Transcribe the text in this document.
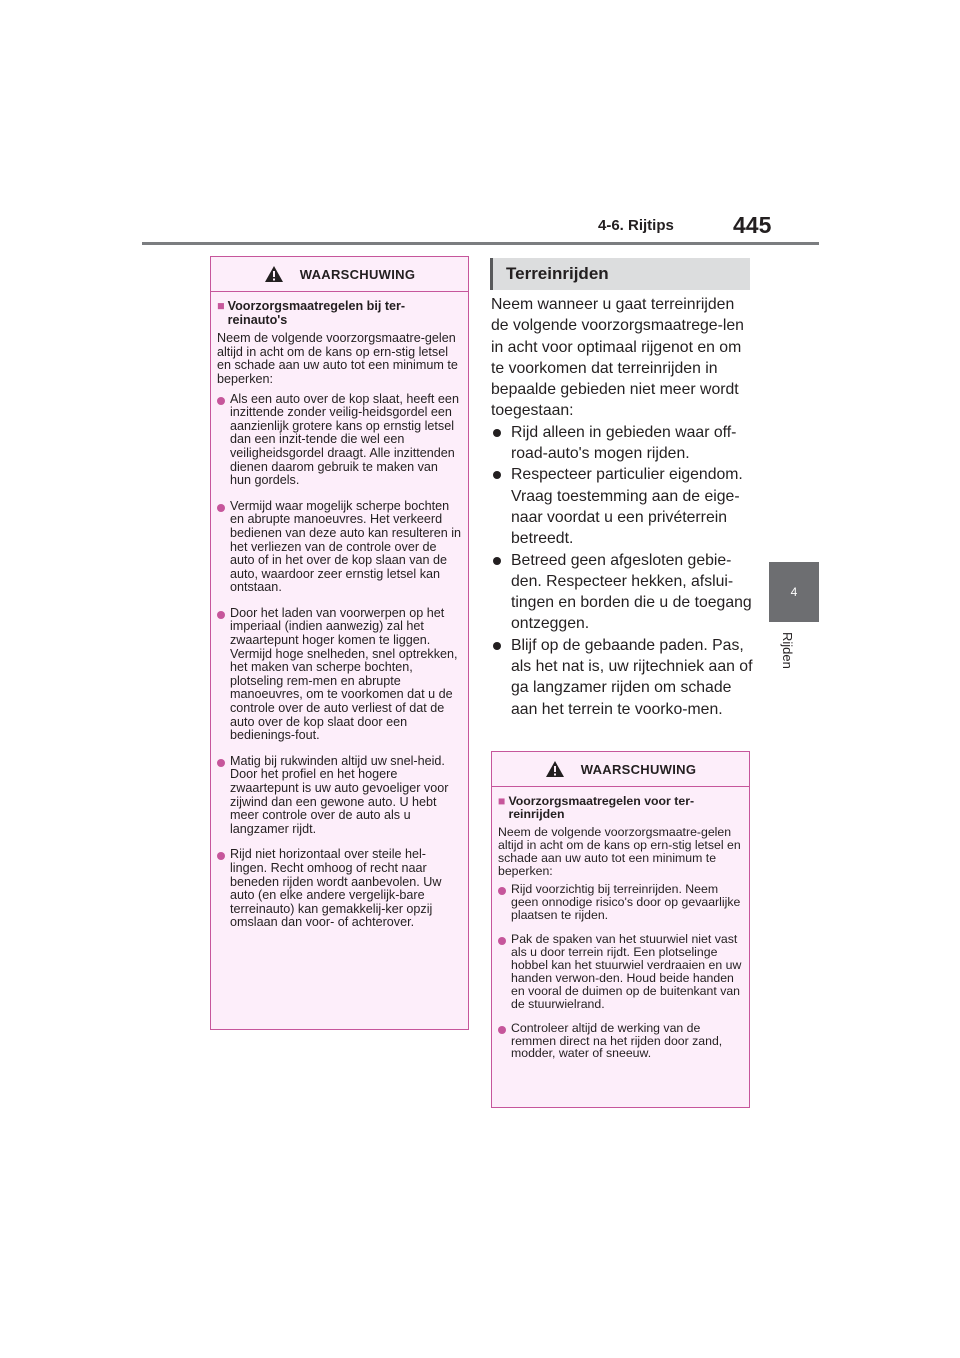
4-6. Rijtips	445
4
Rijden
WAARSCHUWING
■ Voorzorgsmaatregelen bij ter-reinauto's
Neem de volgende voorzorgsmaatre-gelen altijd in acht om de kans op ern-stig letsel en schade aan uw auto tot een minimum te beperken:
Als een auto over de kop slaat, heeft een inzittende zonder veilig-heidsgordel een aanzienlijk grotere kans op ernstig letsel dan een inzit-tende die wel een veiligheidsgordel draagt. Alle inzittenden dienen daarom gebruik te maken van hun gordels.
Vermijd waar mogelijk scherpe bochten en abrupte manoeuvres. Het verkeerd bedienen van deze auto kan resulteren in het verliezen van de controle over de auto of in het over de kop slaan van de auto, waardoor zeer ernstig letsel kan ontstaan.
Door het laden van voorwerpen op het imperiaal (indien aanwezig) zal het zwaartepunt hoger komen te liggen. Vermijd hoge snelheden, snel optrekken, het maken van scherpe bochten, plotseling rem-men en abrupte manoeuvres, om te voorkomen dat u de controle over de auto verliest of dat de auto over de kop slaat door een bedienings-fout.
Matig bij rukwinden altijd uw snel-heid. Door het profiel en het hogere zwaartepunt is uw auto gevoeliger voor zijwind dan een gewone auto. U hebt meer controle over de auto als u langzamer rijdt.
Rijd niet horizontaal over steile hel-lingen. Recht omhoog of recht naar beneden rijden wordt aanbevolen. Uw auto (en elke andere vergelijk-bare terreinauto) kan gemakkelij-ker opzij omslaan dan voor- of achterover.
Terreinrijden
Neem wanneer u gaat terreinrijden de volgende voorzorgsmaatrege-len in acht voor optimaal rijgenot en om te voorkomen dat terreinrijden in bepaalde gebieden niet meer wordt toegestaan:
Rijd alleen in gebieden waar off-road-auto's mogen rijden.
Respecteer particulier eigendom. Vraag toestemming aan de eige-naar voordat u een privéterrein betreedt.
Betreed geen afgesloten gebie-den. Respecteer hekken, afslui-tingen en borden die u de toegang ontzeggen.
Blijf op de gebaande paden. Pas, als het nat is, uw rijtechniek aan of ga langzamer rijden om schade aan het terrein te voorko-men.
WAARSCHUWING
■ Voorzorgsmaatregelen voor ter-reinrijden
Neem de volgende voorzorgsmaatre-gelen altijd in acht om de kans op ern-stig letsel en schade aan uw auto tot een minimum te beperken:
Rijd voorzichtig bij terreinrijden. Neem geen onnodige risico's door op gevaarlijke plaatsen te rijden.
Pak de spaken van het stuurwiel niet vast als u door terrein rijdt. Een plotselinge hobbel kan het stuurwiel verdraaien en uw handen verwon-den. Houd beide handen en vooral de duimen op de buitenkant van de stuurwielrand.
Controleer altijd de werking van de remmen direct na het rijden door zand, modder, water of sneeuw.
